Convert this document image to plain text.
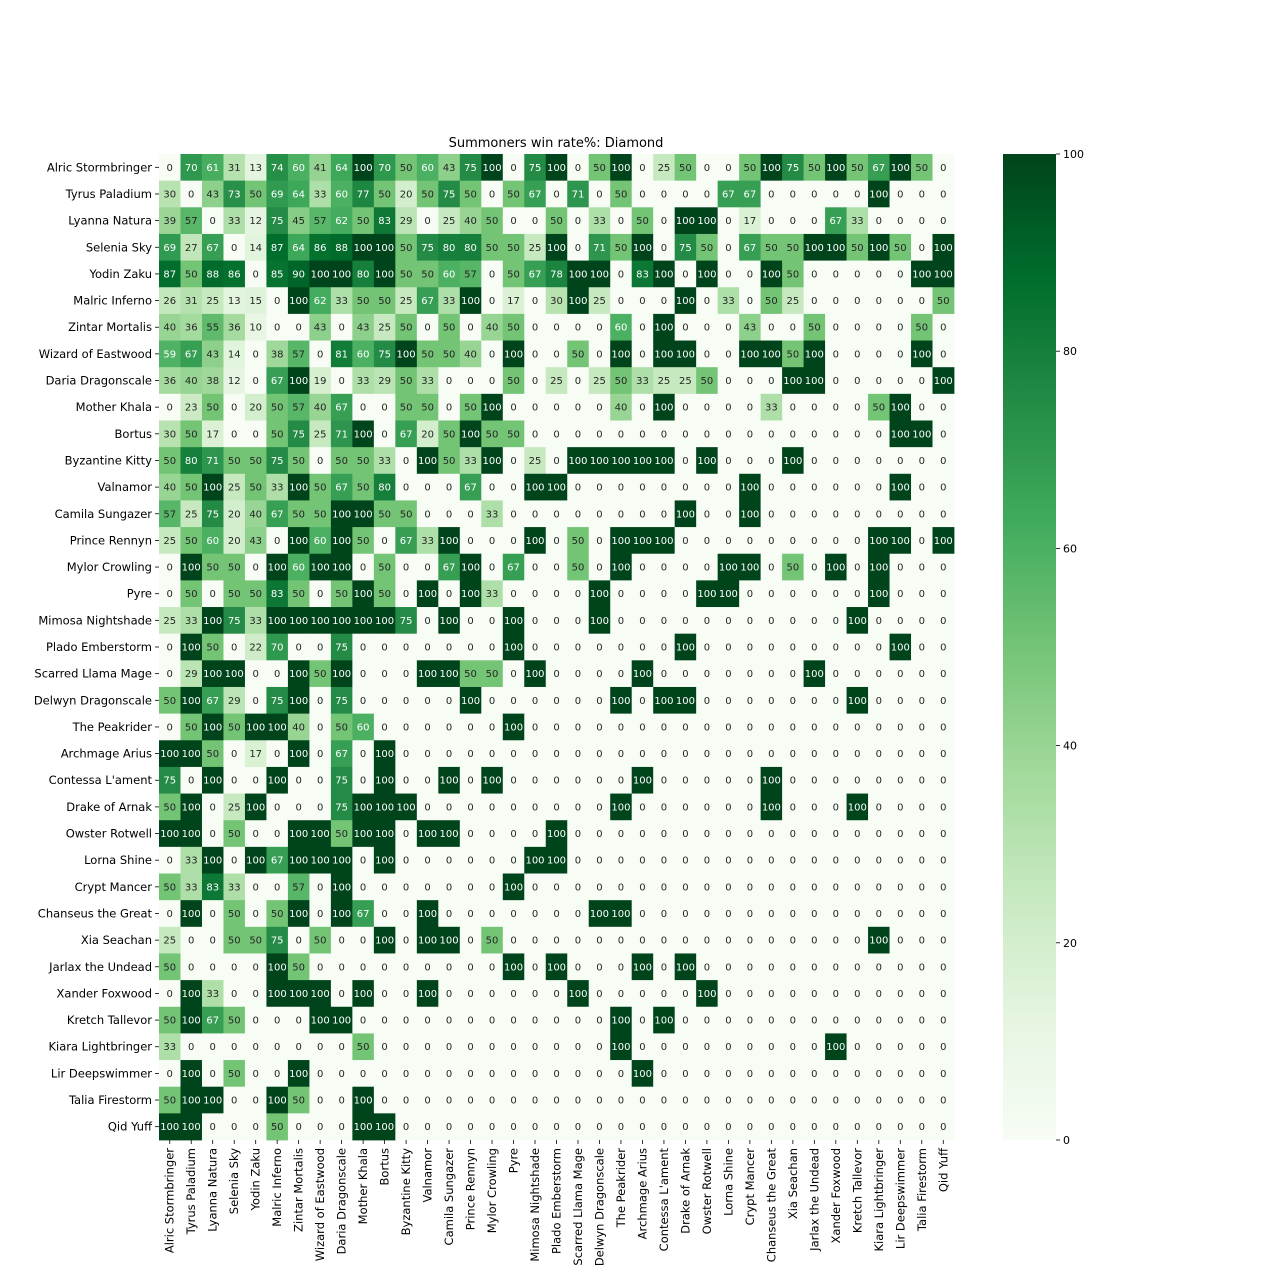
Summoners win rate%: Diamond
0 70 61 31 13 74 60 41 64 100 70 50 60 43 75 100 0 75 100 0 50 100 0 25 50 0 0 50 100 75 50 100 50 67 100 50 0
30 0 43 73 50 69 64 33 60 77 50 20 50 75 50 0 50 67 0 71 0 50 0 0 0 0 67 67 0 0 0 0 0 100 0 0 0
39 57 0 33 12 75 45 57 62 50 83 29 0 25 40 50 0 0 50 0 33 0 50 0 100 100 0 17 0 0 0 67 33 0 0 0 0
69 27 67 0 14 87 64 86 88 100 100 50 75 80 80 50 50 25 100 0 71 50 100 0 75 50 0 67 50 50 100 100 50 100 50 0 100
87 50 88 86 0 85 90 100 100 80 100 50 50 60 57 0 50 67 78 100 100 0 83 100 0 100 0 0 100 50 0 0 0 0 0 100 100
26 31 25 13 15 0 100 62 33 50 50 25 67 33 100 0 17 0 30 100 25 0 0 0 100 0 33 0 50 25 0 0 0 0 0 0 50
40 36 55 36 10 0 0 43 0 43 25 50 0 50 0 40 50 0 0 0 0 60 0 100 0 0 0 43 0 0 50 0 0 0 0 50 0
59 67 43 14 0 38 57 0 81 60 75 100 50 50 40 0 100 0 0 50 0 100 0 100 100 0 0 100 100 50 100 0 0 0 0 100 0
36 40 38 12 0 67 100 19 0 33 29 50 33 0 0 0 50 0 25 0 25 50 33 25 25 50 0 0 0 100 100 0 0 0 0 0 100
0 23 50 0 20 50 57 40 67 0 0 50 50 0 50 100 0 0 0 0 0 40 0 100 0 0 0 0 33 0 0 0 0 50 100 0 0
30 50 17 0 0 50 75 25 71 100 0 67 20 50 100 50 50 0 0 0 0 0 0 0 0 0 0 0 0 0 0 0 0 0 100 100 0
50 80 71 50 50 75 50 0 50 50 33 0 100 50 33 100 0 25 0 100 100 100 100 100 0 100 0 0 0 100 0 0 0 0 0 0 0
40 50 100 25 50 33 100 50 67 50 80 0 0 0 67 0 0 100 100 0 0 0 0 0 0 0 0 100 0 0 0 0 0 0 100 0 0
57 25 75 20 40 67 50 50 100 100 50 50 0 0 0 33 0 0 0 0 0 0 0 0 100 0 0 100 0 0 0 0 0 0 0 0 0
25 50 60 20 43 0 100 60 100 50 0 67 33 100 0 0 0 100 0 50 0 100 100 100 0 0 0 0 0 0 0 0 0 100 100 0 100
0 100 50 50 0 100 60 100 100 0 50 0 0 67 100 0 67 0 0 50 0 100 0 0 0 0 100 100 0 50 0 100 0 100 0 0 0
0 50 0 50 50 83 50 0 50 100 50 0 100 0 100 33 0 0 0 0 100 0 0 0 0 100 100 0 0 0 0 0 0 100 0 0 0
25 33 100 75 33 100 100 100 100 100 100 75 0 100 0 0 100 0 0 0 100 0 0 0 0 0 0 0 0 0 0 0 100 0 0 0 0
0 100 50 0 22 70 0 0 75 0 0 0 0 0 0 0 100 0 0 0 0 0 0 0 100 0 0 0 0 0 0 0 0 0 100 0 0
0 29 100 100 0 0 100 50 100 0 0 0 100 100 50 50 0 100 0 0 0 0 100 0 0 0 0 0 0 0 100 0 0 0 0 0 0
50 100 67 29 0 75 100 0 75 0 0 0 0 0 100 0 0 0 0 0 0 100 0 100 100 0 0 0 0 0 0 0 100 0 0 0 0
0 50 100 50 100 100 40 0 50 60 0 0 0 0 0 0 100 0 0 0 0 0 0 0 0 0 0 0 0 0 0 0 0 0 0 0 0
100 100 50 0 17 0 100 0 67 0 100 0 0 0 0 0 0 0 0 0 0 0 0 0 0 0 0 0 0 0 0 0 0 0 0 0 0
75 0 100 0 0 100 0 0 75 0 100 0 0 100 0 100 0 0 0 0 0 0 100 0 0 0 0 0 100 0 0 0 0 0 0 0 0
50 100 0 25 100 0 0 0 75 100 100 100 0 0 0 0 0 0 0 0 0 100 0 0 0 0 0 0 100 0 0 0 100 0 0 0 0
100 100 0 50 0 0 100 100 50 100 100 0 100 100 0 0 0 0 100 0 0 0 0 0 0 0 0 0 0 0 0 0 0 0 0 0 0
0 33 100 0 100 67 100 100 100 0 100 0 0 0 0 0 0 100 100 0 0 0 0 0 0 0 0 0 0 0 0 0 0 0 0 0 0
50 33 83 33 0 0 57 0 100 0 0 0 0 0 0 0 100 0 0 0 0 0 0 0 0 0 0 0 0 0 0 0 0 0 0 0 0
0 100 0 50 0 50 100 0 100 67 0 0 100 0 0 0 0 0 0 0 100 100 0 0 0 0 0 0 0 0 0 0 0 0 0 0 0
25 0 0 50 50 75 0 50 0 0 100 0 100 100 0 50 0 0 0 0 0 0 0 0 0 0 0 0 0 0 0 0 0 100 0 0 0
50 0 0 0 0 100 50 0 0 0 0 0 0 0 0 0 100 0 100 0 0 0 100 0 100 0 0 0 0 0 0 0 0 0 0 0 0
0 100 33 0 0 100 100 100 0 100 0 0 100 0 0 0 0 0 0 100 0 0 0 0 0 100 0 0 0 0 0 0 0 0 0 0 0
50 100 67 50 0 0 0 100 100 0 0 0 0 0 0 0 0 0 0 0 0 100 0 100 0 0 0 0 0 0 0 0 0 0 0 0 0
33 0 0 0 0 0 0 0 0 50 0 0 0 0 0 0 0 0 0 0 0 100 0 0 0 0 0 0 0 0 0 100 0 0 0 0 0
0 100 0 50 0 0 100 0 0 0 0 0 0 0 0 0 0 0 0 0 0 0 100 0 0 0 0 0 0 0 0 0 0 0 0 0 0
50 100 100 0 0 100 50 0 0 100 0 0 0 0 0 0 0 0 0 0 0 0 0 0 0 0 0 0 0 0 0 0 0 0 0 0 0
100 100 0 0 0 50 0 0 0 100 100 0 0 0 0 0 0 0 0 0 0 0 0 0 0 0 0 0 0 0 0 0 0 0 0 0 0
Alric Stormbringer
Tyrus Paladium
Lyanna Natura
Selenia Sky
Yodin Zaku
Malric Inferno
Zintar Mortalis
Wizard of Eastwood
Daria Dragonscale
Mother Khala
Bortus
Byzantine Kitty
Valnamor
Camila Sungazer
Prince Rennyn
Mylor Crowling
Pyre
Mimosa Nightshade
Plado Emberstorm
Scarred Llama Mage
Delwyn Dragonscale
The Peakrider
Archmage Arius
Contessa L'ament
Drake of Arnak
Owster Rotwell
Lorna Shine
Crypt Mancer
Chanseus the Great
Xia Seachan
Jarlax the Undead
Xander Foxwood
Kretch Tallevor
Kiara Lightbringer
Lir Deepswimmer
Talia Firestorm
Qid Yuff
Alric Stormbringer Tyrus Paladium Lyanna Natura Selenia Sky Yodin Zaku Malric Inferno Zintar Mortalis Wizard of Eastwood Daria Dragonscale Mother Khala Bortus Byzantine Kitty Valnamor Camila Sungazer Prince Rennyn Mylor Crowling Pyre Mimosa Nightshade Plado Emberstorm Scarred Llama Mage Delwyn Dragonscale The Peakrider Archmage Arius Contessa L'ament Drake of Arnak Owster Rotwell Lorna Shine Crypt Mancer Chanseus the Great Xia Seachan Jarlax the Undead Xander Foxwood Kretch Tallevor Kiara Lightbringer Lir Deepswimmer Talia Firestorm Qid Yuff
0
20
40
60
80
100
